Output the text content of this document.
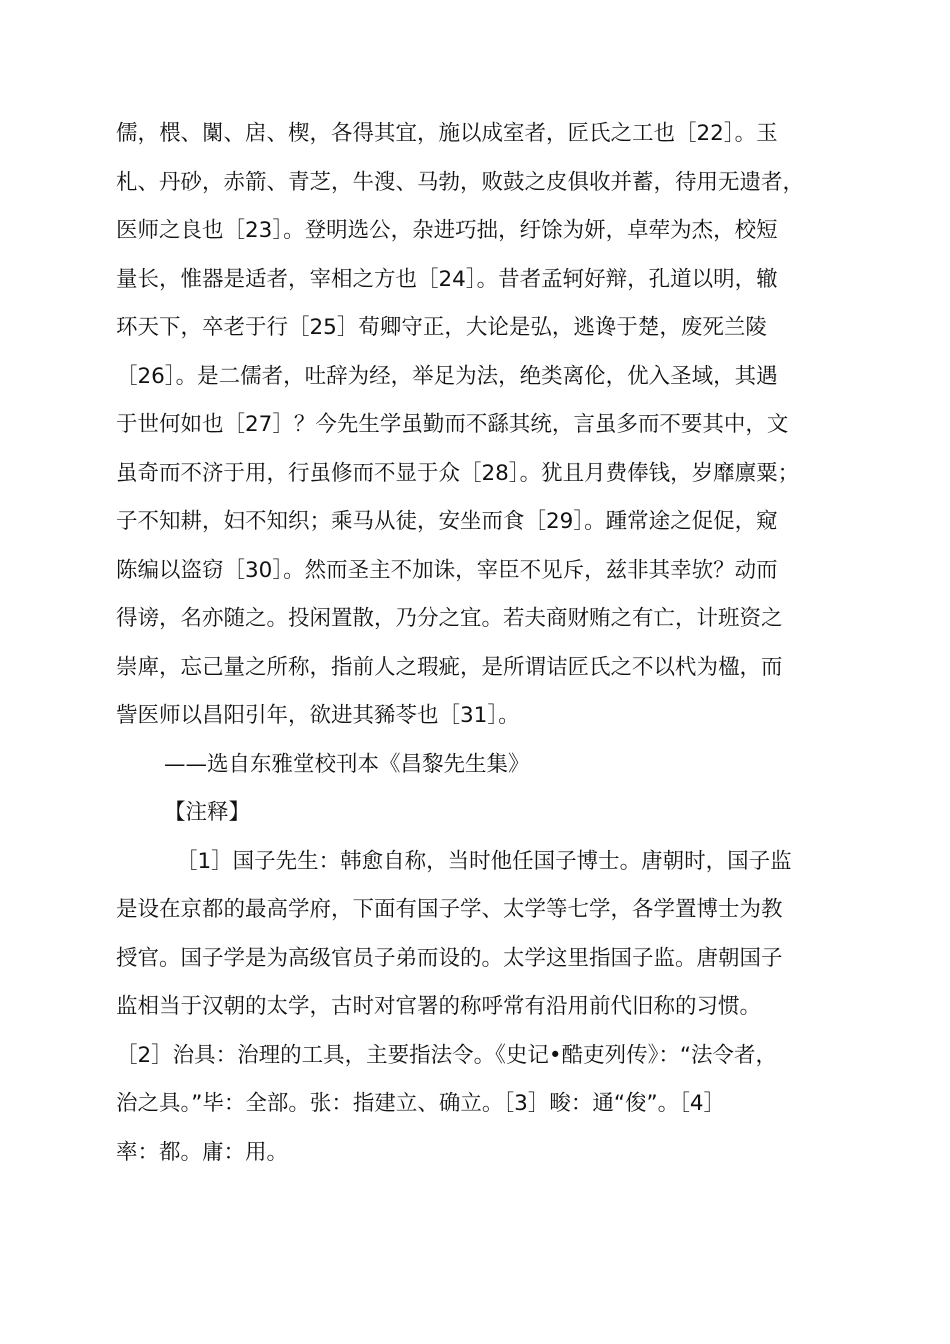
儒，椳、闑、扂、楔，各得其宜，施以成室者，匠氏之工也［22］。玉
札、丹砂，赤箭、青芝，牛溲、马勃，败鼓之皮俱收并蓄，待用无遗者，
医师之良也［23］。登明选公，杂进巧拙，纡馀为妍，卓荦为杰，校短
量长，惟器是适者，宰相之方也［24］。昔者孟轲好辩，孔道以明，辙
环天下，卒老于行［25］荀卿守正，大论是弘，逃谗于楚，废死兰陵
［26］。是二儒者，吐辞为经，举足为法，绝类离伦，优入圣域，其遇
于世何如也［27］？今先生学虽勤而不繇其统，言虽多而不要其中，文
虽奇而不济于用，行虽修而不显于众［28］。犹且月费俸钱，岁靡廪粟；
子不知耕，妇不知织；乘马从徒，安坐而食［29］。踵常途之促促，窥
陈编以盗窃［30］。然而圣主不加诛，宰臣不见斥，兹非其幸欤？动而
得谤，名亦随之。投闲置散，乃分之宜。若夫商财贿之有亡，计班资之
崇庳，忘己量之所称，指前人之瑕疵，是所谓诘匠氏之不以杙为楹，而
訾医师以昌阳引年，欲进其豨苓也［31］。
——选自东雅堂校刊本《昌黎先生集》
【注释】
［1］国子先生：韩愈自称，当时他任国子博士。唐朝时，国子监
是设在京都的最高学府，下面有国子学、太学等七学，各学置博士为教
授官。国子学是为高级官员子弟而设的。太学这里指国子监。唐朝国子
监相当于汉朝的太学，古时对官署的称呼常有沿用前代旧称的习惯。
［2］治具：治理的工具，主要指法令。《史记•酷吏列传》：“法令者，
治之具。”毕：全部。张：指建立、确立。［3］畯：通“俊”。［4］
率：都。庸：用。
